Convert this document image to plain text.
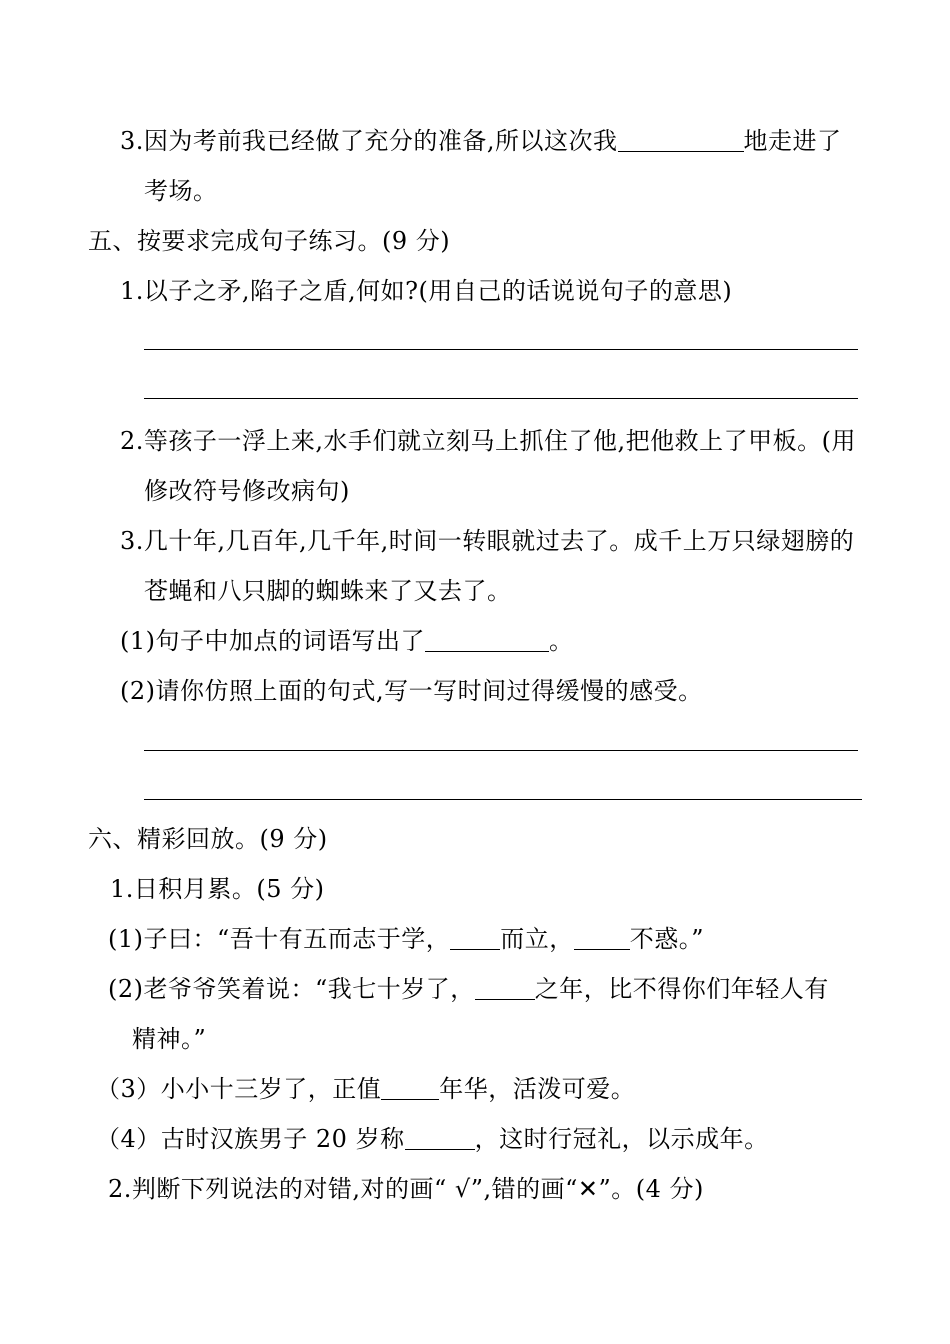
3.因为考前我已经做了充分的准备,所以这次我	地走进了
考场。
五、按要求完成句子练习。(9 分)
1.以子之矛,陷子之盾,何如?(用自己的话说说句子的意思)
2.等孩子一浮上来,水手们就立刻马上抓住了他,把他救上了甲板。(用
修改符号修改病句)
3.几十年,几百年,几千年,时间一转眼就过去了。成千上万只绿翅膀的
苍蝇和八只脚的蜘蛛来了又去了。
(1)句子中加点的词语写出了	。
(2)请你仿照上面的句式,写一写时间过得缓慢的感受。
六、精彩回放。(9 分)
1.日积月累。(5 分)
(1)子曰：“吾十有五而志于学， 而立， 不惑。”
(2)老爷爷笑着说：“我七十岁了，	之年，比不得你们年轻人有
精神。”
（3）小小十三岁了，正值 年华，活泼可爱。
（4）古时汉族男子 20 岁称	，这时行冠礼，以示成年。
2.判断下列说法的对错,对的画“ √”,错的画“✕”。(4 分)
